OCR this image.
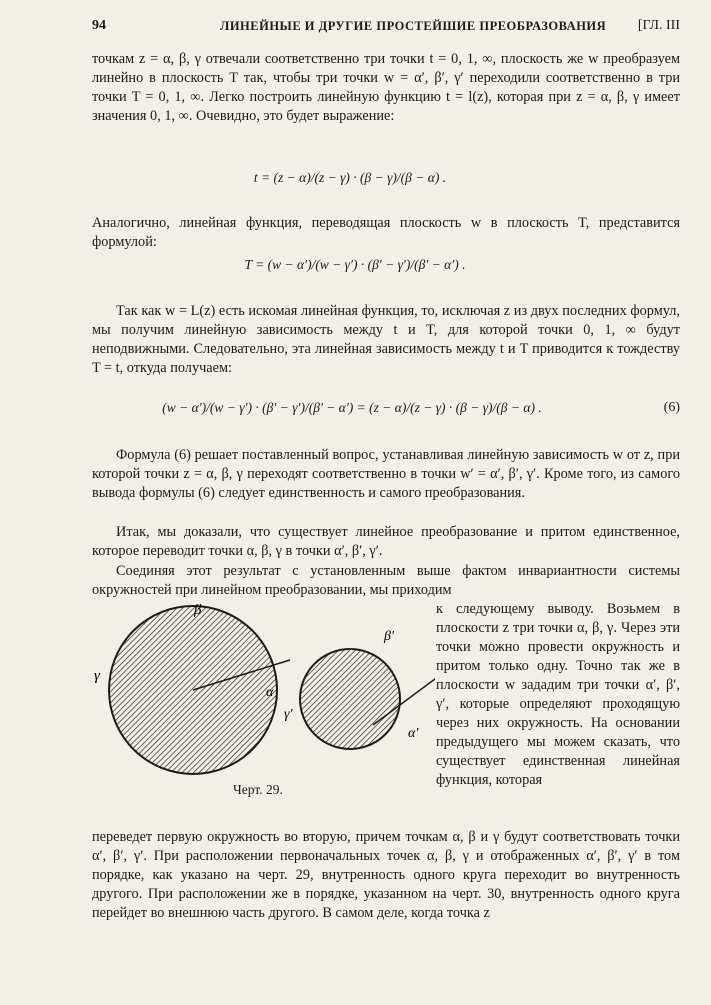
94	ЛИНЕЙНЫЕ И ДРУГИЕ ПРОСТЕЙШИЕ ПРЕОБРАЗОВАНИЯ [ГЛ. III
точкам z = α, β, γ отвечали соответственно три точки t = 0, 1, ∞, плоскость же w преобразуем линейно в плоскость T так, чтобы три точки w = α′, β′, γ′ переходили соответственно в три точки T = 0, 1, ∞. Легко построить линейную функцию t = l(z), которая при z = α, β, γ имеет значения 0, 1, ∞. Очевидно, это будет выражение:
t = (z − α)/(z − γ) · (β − γ)/(β − α) .
Аналогично, линейная функция, переводящая плоскость w в плоскость T, представится формулой:
T = (w − α′)/(w − γ′) · (β′ − γ′)/(β′ − α′) .
Так как w = L(z) есть искомая линейная функция, то, исключая z из двух последних формул, мы получим линейную зависимость между t и T, для которой точки 0, 1, ∞ будут неподвижными. Следовательно, эта линейная зависимость между t и T приводится к тождеству T = t, откуда получаем:
(w − α′)/(w − γ′) · (β′ − γ′)/(β′ − α′) = (z − α)/(z − γ) · (β − γ)/(β − α) .	(6)
Формула (6) решает поставленный вопрос, устанавливая линейную зависимость w от z, при которой точки z = α, β, γ переходят соответственно в точки w′ = α′, β′, γ′. Кроме того, из самого вывода формулы (6) следует единственность и самого преобразования.
Итак, мы доказали, что существует линейное преобразование и притом единственное, которое переводит точки α, β, γ в точки α′, β′, γ′.
Соединяя этот результат с установленным выше фактом инвариантности системы окружностей при линейном преобразовании, мы приходим
к следующему выводу. Возьмем в плоскости z три точки α, β, γ. Через эти точки можно провести окружность и притом только одну. Точно так же в плоскости w зададим три точки α′, β′, γ′, которые определяют проходящую через них окружность. На основании предыдущего мы можем сказать, что существует единственная линейная функция, которая
β
γ
α
β′
γ′
α′
Черт. 29.
переведет первую окружность во вторую, причем точкам α, β и γ будут соответствовать точки α′, β′, γ′. При расположении первоначальных точек α, β, γ и отображенных α′, β′, γ′ в том порядке, как указано на черт. 29, внутренность одного круга переходит во внутренность другого. При расположении же в порядке, указанном на черт. 30, внутренность одного круга перейдет во внешнюю часть другого. В самом деле, когда точка z
